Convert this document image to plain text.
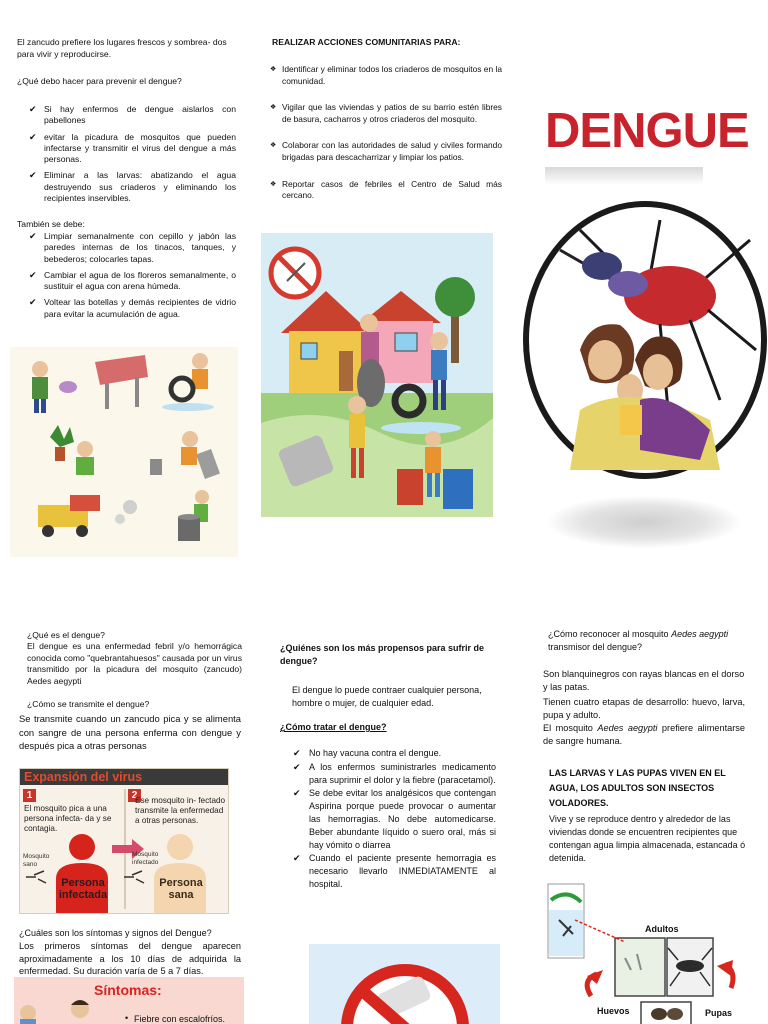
El zancudo prefiere los lugares frescos y sombrea- dos para vivir y reproducirse.
¿Qué debo hacer para prevenir el dengue?
✔ Si hay enfermos de dengue aislarlos con pabellones
✔ evitar la picadura de mosquitos que pueden infectarse y transmitir el virus del dengue a más personas.
✔ Eliminar a las larvas: abatizando el agua destruyendo sus criaderos y eliminando los recipientes inservibles.
También se debe:
✔ Limpiar semanalmente con cepillo y jabón las paredes internas de los tinacos, tanques, y bebederos; colocarles tapas.
✔ Cambiar el agua de los floreros semanalmente, o sustituir el agua con arena húmeda.
✔ Voltear las botellas y demás recipientes de vidrio para evitar la acumulación de agua.
REALIZAR ACCIONES COMUNITARIAS PARA:
❖ Identificar y eliminar todos los criaderos de mosquitos en la comunidad.
❖ Vigilar que las viviendas y patios de su barrio estén libres de basura, cacharros y otros criaderos del mosquito.
❖ Colaborar con las autoridades de salud y civiles formando brigadas para descacharrizar y limpiar los patios.
❖ Reportar casos de febriles el Centro de Salud más cercano.
DENGUE
¿Qué es el dengue?
El dengue es una enfermedad febril y/o hemorrágica conocida como "quebrantahuesos" causada por un virus transmitido por la picadura del mosquito (zancudo) Aedes aegypti
¿Cómo se transmite el dengue?
Se transmite cuando un zancudo pica y se alimenta con sangre de una persona enferma con dengue y después pica a otras personas
Expansión del virus
1
El mosquito pica a una persona infecta- da y se contagia.
2
Ese mosquito in- fectado transmite la enfermedad a otras personas.
Mosquito sano
Mosquito infectado
Persona infectada
Persona sana
¿Cuáles son los síntomas y signos del Dengue?
Los primeros síntomas del dengue aparecen aproximadamente a los 10 días de adquirida la enfermedad. Su duración varía de 5 a 7 días.
Síntomas:
Fiebre con escalofríos.
•
¿Quiénes son los más propensos para sufrir de dengue?
El dengue lo puede contraer cualquier persona, hombre o mujer, de cualquier edad.
¿Cómo tratar el dengue?
✔ No hay vacuna contra el dengue.
✔ A los enfermos suministrarles medicamento para suprimir el dolor y la fiebre (paracetamol).
✔ Se debe evitar los analgésicos que contengan Aspirina porque puede provocar o aumentar las hemorragias. No debe automedicarse. Beber abundante líquido o suero oral, más si hay vómito o diarrea
✔ Cuando el paciente presente hemorragia es necesario llevarlo INMEDIATAMENTE al hospital.
¿Cómo reconocer al mosquito Aedes aegypti transmisor del dengue?
Son blanquinegros con rayas blancas en el dorso y las patas.
Tienen cuatro etapas de desarrollo: huevo, larva, pupa y adulto.
El mosquito Aedes aegypti prefiere alimentarse de sangre humana.
LAS LARVAS Y LAS PUPAS VIVEN EN EL AGUA, LOS ADULTOS SON INSECTOS VOLADORES.
Vive y se reproduce dentro y alrededor de las viviendas donde se encuentren recipientes que contengan agua limpia almacenada, estancada ó detenida.
Adultos
Huevos	Pupas
